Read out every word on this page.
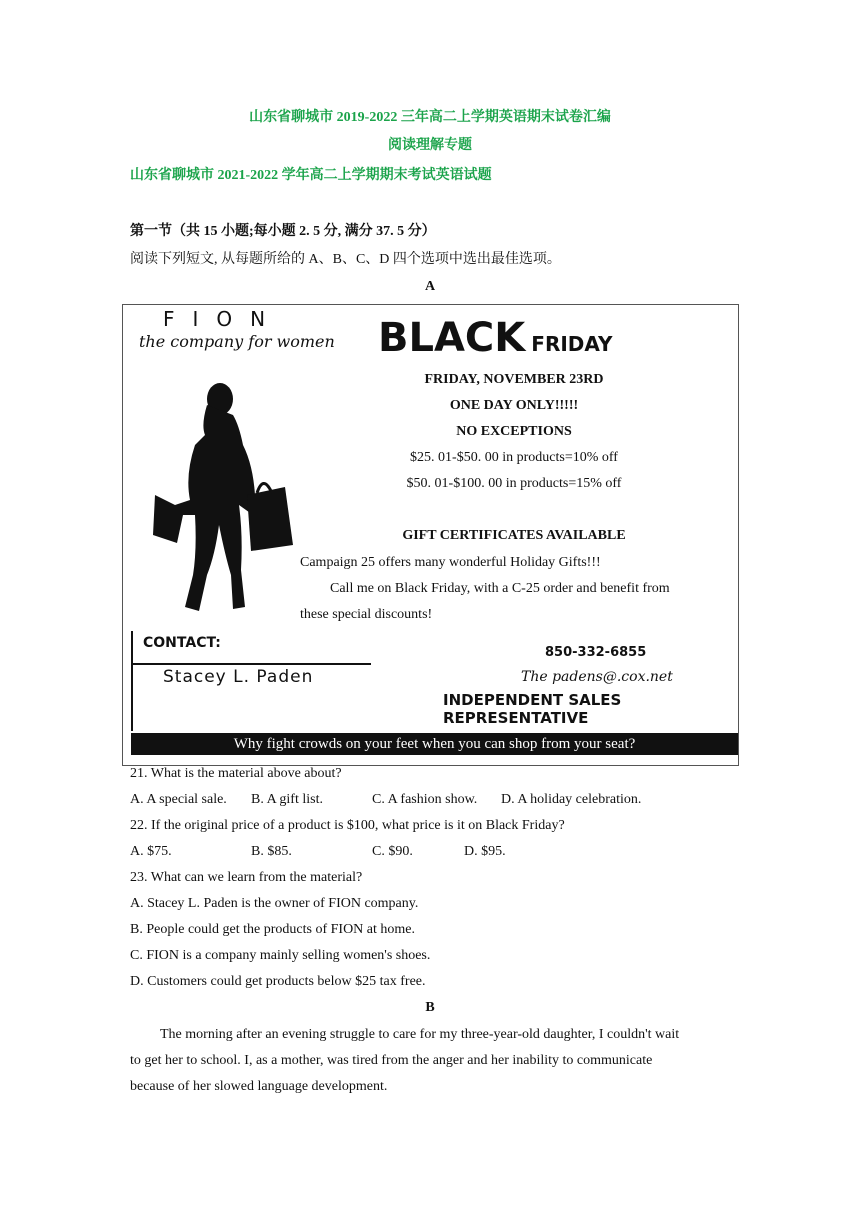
山东省聊城市 2019-2022 三年高二上学期英语期末试卷汇编
阅读理解专题
山东省聊城市 2021-2022 学年高二上学期期末考试英语试题
第一节（共 15 小题;每小题 2. 5 分, 满分 37. 5 分）
阅读下列短文, 从每题所给的 A、B、C、D 四个选项中选出最佳选项。
A
FION
the company for women BLACK FRIDAY
FRIDAY, NOVEMBER 23RD
ONE DAY ONLY!!!!!
NO EXCEPTIONS
$25. 01-$50. 00 in products=10% off
$50. 01-$100. 00 in products=15% off
GIFT CERTIFICATES AVAILABLE
Campaign 25 offers many wonderful Holiday Gifts!!!
Call me on Black Friday, with a C-25 order and benefit from
these special discounts!
CONTACT:
Stacey L. Paden
850-332-6855
The padens@.cox.net
INDEPENDENT SALES REPRESENTATIVE
Why fight crowds on your feet when you can shop from your seat?
21. What is the material above about?
A. A special sale. B. A gift list.	C. A fashion show. D. A holiday celebration.
22. If the original price of a product is $100, what price is it on Black Friday?
A. $75.	B. $85.	C. $90.	D. $95.
23. What can we learn from the material?
A. Stacey L. Paden is the owner of FION company.
B. People could get the products of FION at home.
C. FION is a company mainly selling women's shoes.
D. Customers could get products below $25 tax free.
B
The morning after an evening struggle to care for my three-year-old daughter, I couldn't wait
to get her to school. I, as a mother, was tired from the anger and her inability to communicate
because of her slowed language development.
